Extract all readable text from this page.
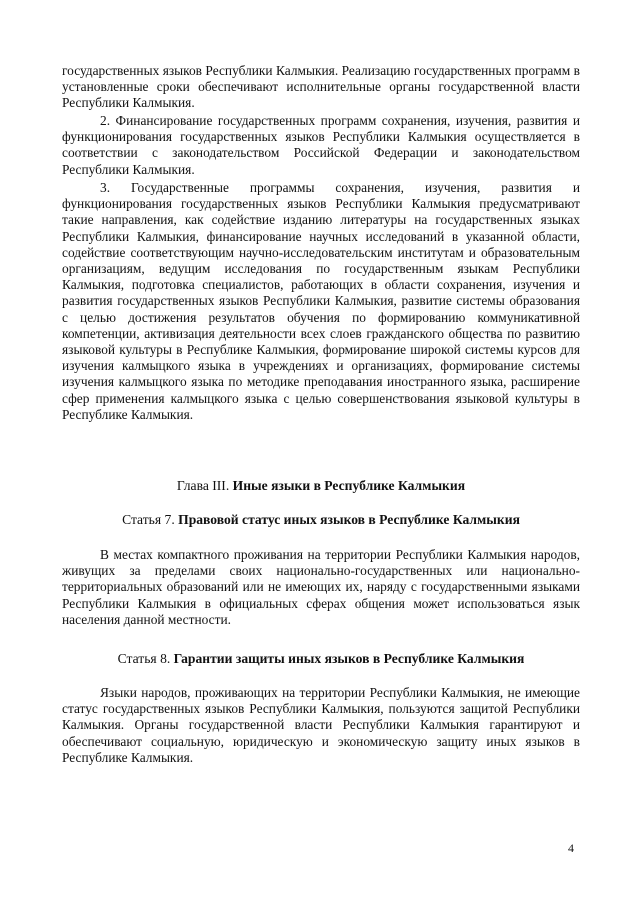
государственных языков Республики Калмыкия. Реализацию государственных программ в установленные сроки обеспечивают исполнительные органы государственной власти Республики Калмыкия.

2. Финансирование государственных программ сохранения, изучения, развития и функционирования государственных языков Республики Калмыкия осуществляется в соответствии с законодательством Российской Федерации и законодательством Республики Калмыкия.

3. Государственные программы сохранения, изучения, развития и функционирования государственных языков Республики Калмыкия предусматривают такие направления, как содействие изданию литературы на государственных языках Республики Калмыкия, финансирование научных исследований в указанной области, содействие соответствующим научно-исследовательским институтам и образовательным организациям, ведущим исследования по государственным языкам Республики Калмыкия, подготовка специалистов, работающих в области сохранения, изучения и развития государственных языков Республики Калмыкия, развитие системы образования с целью достижения результатов обучения по формированию коммуникативной компетенции, активизация деятельности всех слоев гражданского общества по развитию языковой культуры в Республике Калмыкия, формирование широкой системы курсов для изучения калмыцкого языка в учреждениях и организациях, формирование системы изучения калмыцкого языка по методике преподавания иностранного языка, расширение сфер применения калмыцкого языка с целью совершенствования языковой культуры в Республике Калмыкия.

Глава III. Иные языки в Республике Калмыкия

Статья 7. Правовой статус иных языков в Республике Калмыкия

В местах компактного проживания на территории Республики Калмыкия народов, живущих за пределами своих национально-государственных или национально-территориальных образований или не имеющих их, наряду с государственными языками Республики Калмыкия в официальных сферах общения может использоваться язык населения данной местности.

Статья 8. Гарантии защиты иных языков в Республике Калмыкия

Языки народов, проживающих на территории Республики Калмыкия, не имеющие статус государственных языков Республики Калмыкия, пользуются защитой Республики Калмыкия. Органы государственной власти Республики Калмыкия гарантируют и обеспечивают социальную, юридическую и экономическую защиту иных языков в Республике Калмыкия.

4
